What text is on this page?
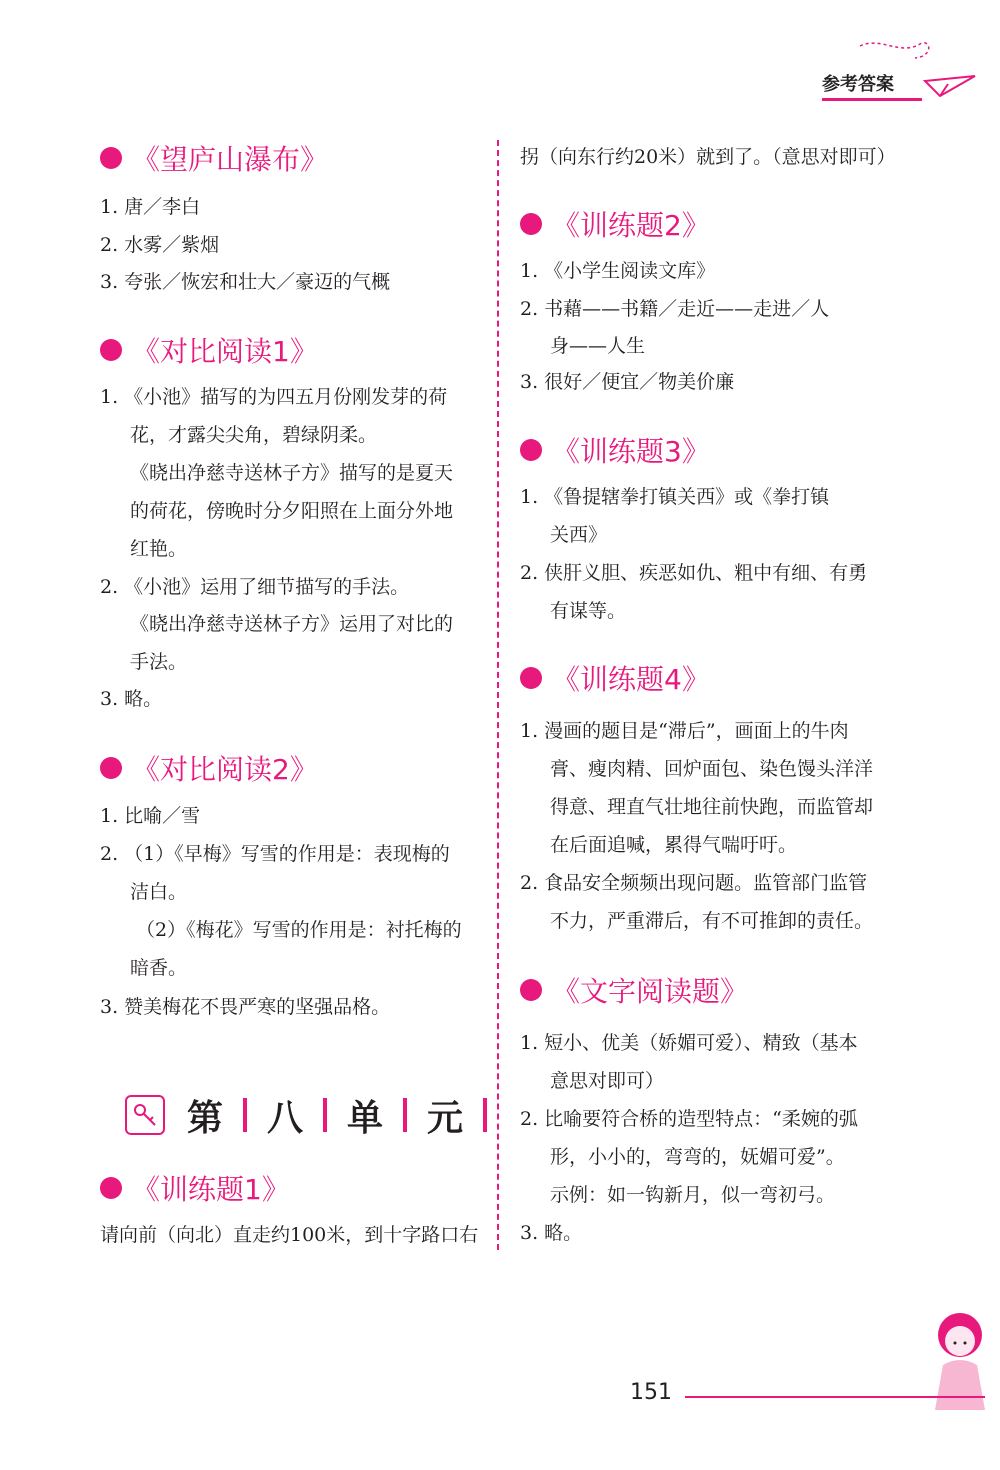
参考答案
《望庐山瀑布》
1. 唐／李白
2. 水雾／紫烟
3. 夸张／恢宏和壮大／豪迈的气概
《对比阅读1》
1. 《小池》描写的为四五月份刚发芽的荷
花，才露尖尖角，碧绿阴柔。
《晓出净慈寺送林子方》描写的是夏天
的荷花，傍晚时分夕阳照在上面分外地
红艳。
2. 《小池》运用了细节描写的手法。
《晓出净慈寺送林子方》运用了对比的
手法。
3. 略。
《对比阅读2》
1. 比喻／雪
2. （1）《早梅》写雪的作用是：表现梅的
洁白。
（2）《梅花》写雪的作用是：衬托梅的
暗香。
3. 赞美梅花不畏严寒的坚强品格。
《训练题1》
请向前（向北）直走约100米，到十字路口右
第 八 单 元
拐（向东行约20米）就到了。（意思对即可）
《训练题2》
1. 《小学生阅读文库》
2. 书藉——书籍／走近——走进／人
身——人生
3. 很好／便宜／物美价廉
《训练题3》
1. 《鲁提辖拳打镇关西》或《拳打镇
关西》
2. 侠肝义胆、疾恶如仇、粗中有细、有勇
有谋等。
《训练题4》
1. 漫画的题目是“滞后”，画面上的牛肉
膏、瘦肉精、回炉面包、染色馒头洋洋
得意、理直气壮地往前快跑，而监管却
在后面追喊，累得气喘吁吁。
2. 食品安全频频出现问题。监管部门监管
不力，严重滞后，有不可推卸的责任。
《文字阅读题》
1. 短小、优美（娇媚可爱）、精致（基本
意思对即可）
2. 比喻要符合桥的造型特点：“柔婉的弧
形，小小的，弯弯的，妩媚可爱”。
示例：如一钩新月，似一弯初弓。
3. 略。
151
